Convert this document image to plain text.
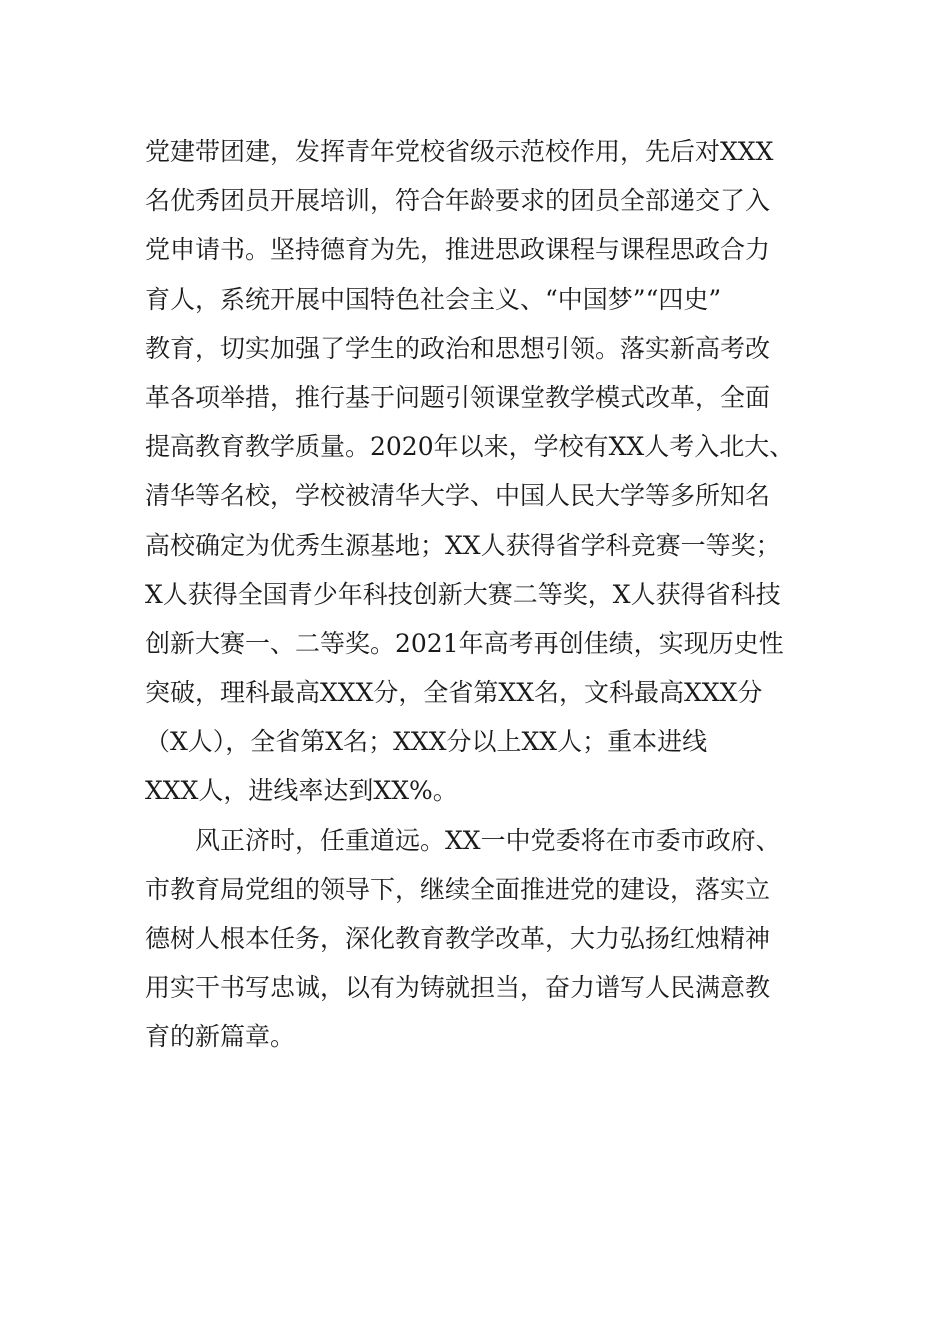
党建带团建，发挥青年党校省级示范校作用，先后对XXX
名优秀团员开展培训，符合年龄要求的团员全部递交了入
党申请书。坚持德育为先，推进思政课程与课程思政合力
育人，系统开展中国特色社会主义、“中国梦”“四史”
教育，切实加强了学生的政治和思想引领。落实新高考改
革各项举措，推行基于问题引领课堂教学模式改革，全面
提高教育教学质量。2020年以来，学校有XX人考入北大、
清华等名校，学校被清华大学、中国人民大学等多所知名
高校确定为优秀生源基地；XX人获得省学科竞赛一等奖；
X人获得全国青少年科技创新大赛二等奖，X人获得省科技
创新大赛一、二等奖。2021年高考再创佳绩，实现历史性
突破，理科最高XXX分，全省第XX名，文科最高XXX分
（X人），全省第X名；XXX分以上XX人；重本进线
XXX人，进线率达到XX%。
风正济时，任重道远。XX一中党委将在市委市政府、
市教育局党组的领导下，继续全面推进党的建设，落实立
德树人根本任务，深化教育教学改革，大力弘扬红烛精神
用实干书写忠诚，以有为铸就担当，奋力谱写人民满意教
育的新篇章。
